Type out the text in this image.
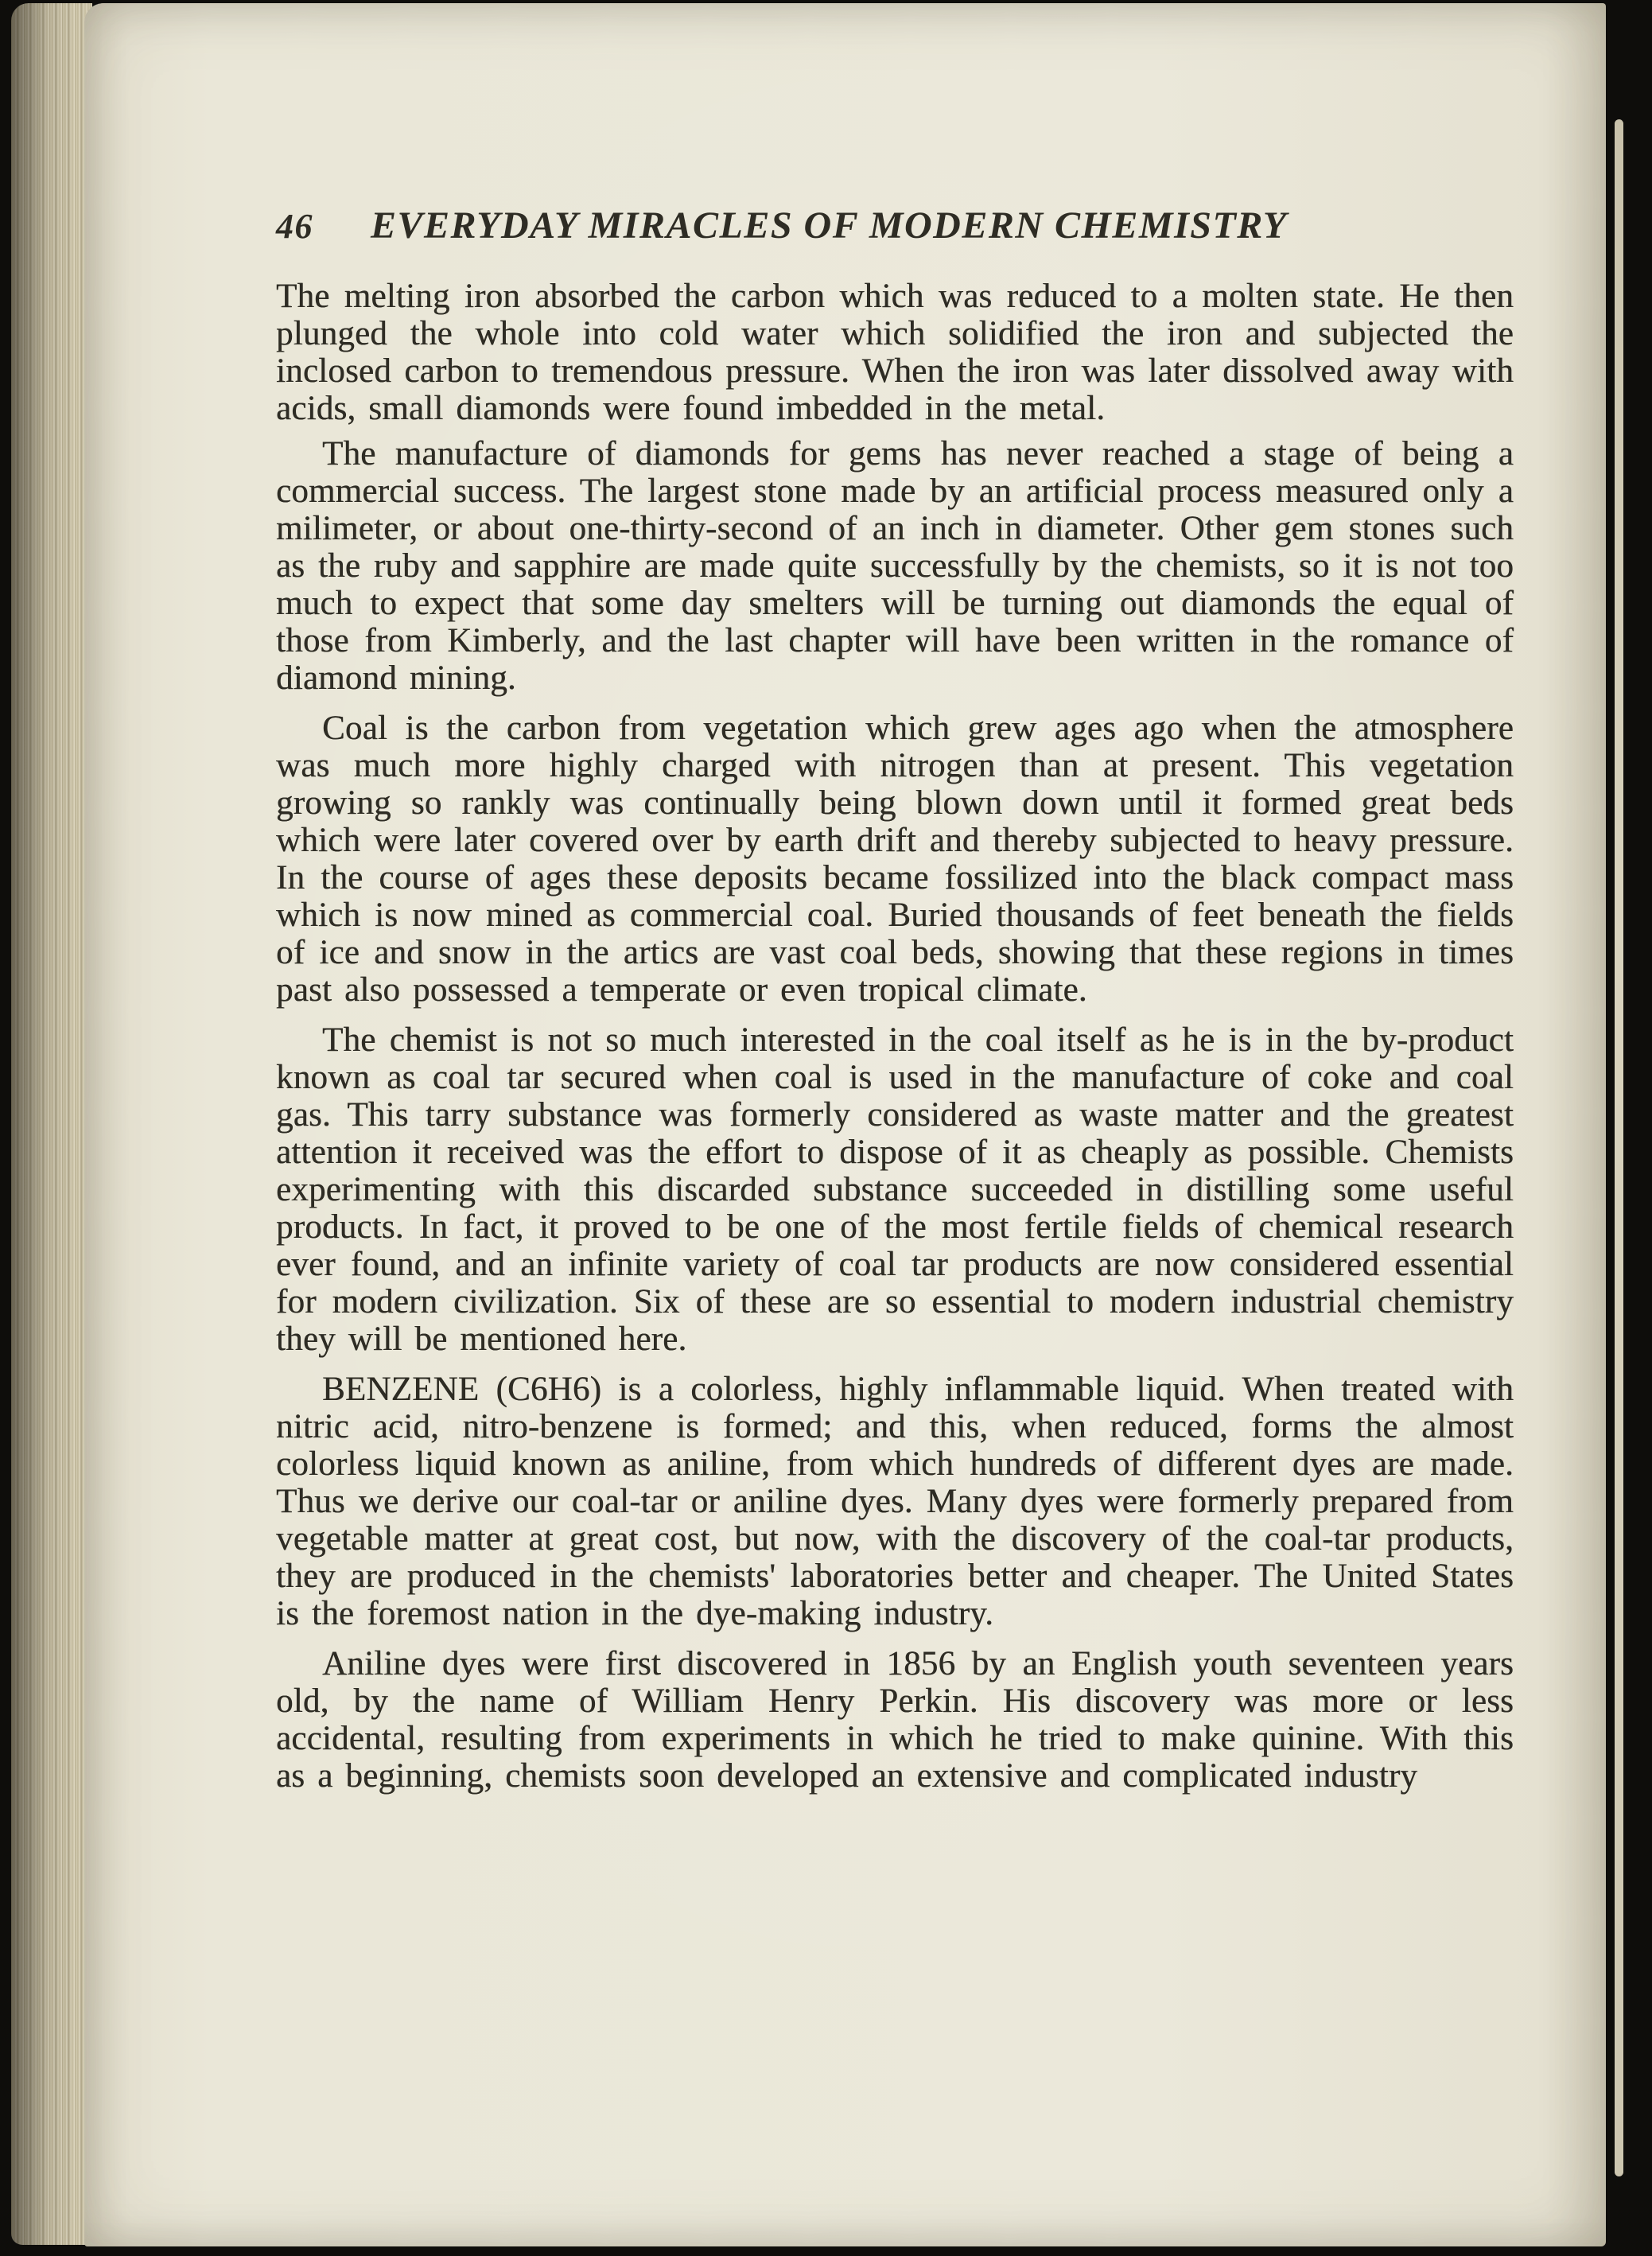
46 EVERYDAY MIRACLES OF MODERN CHEMISTRY

The melting iron absorbed the carbon which was reduced to a molten state. He then plunged the whole into cold water which solidified the iron and subjected the inclosed carbon to tremendous pressure. When the iron was later dissolved away with acids, small diamonds were found imbedded in the metal.

The manufacture of diamonds for gems has never reached a stage of being a commercial success. The largest stone made by an artificial process measured only a milimeter, or about one-thirty-second of an inch in diameter. Other gem stones such as the ruby and sapphire are made quite successfully by the chemists, so it is not too much to expect that some day smelters will be turning out diamonds the equal of those from Kimberly, and the last chapter will have been written in the romance of diamond mining.

Coal is the carbon from vegetation which grew ages ago when the atmosphere was much more highly charged with nitrogen than at present. This vegetation growing so rankly was continually being blown down until it formed great beds which were later covered over by earth drift and thereby subjected to heavy pressure. In the course of ages these deposits became fossilized into the black compact mass which is now mined as commercial coal. Buried thousands of feet beneath the fields of ice and snow in the artics are vast coal beds, showing that these regions in times past also possessed a temperate or even tropical climate.

The chemist is not so much interested in the coal itself as he is in the by-product known as coal tar secured when coal is used in the manufacture of coke and coal gas. This tarry substance was formerly considered as waste matter and the greatest attention it received was the effort to dispose of it as cheaply as possible. Chemists experimenting with this discarded substance succeeded in distilling some useful products. In fact, it proved to be one of the most fertile fields of chemical research ever found, and an infinite variety of coal tar products are now considered essential for modern civilization. Six of these are so essential to modern industrial chemistry they will be mentioned here.

BENZENE (C6H6) is a colorless, highly inflammable liquid. When treated with nitric acid, nitro-benzene is formed; and this, when reduced, forms the almost colorless liquid known as aniline, from which hundreds of different dyes are made. Thus we derive our coal-tar or aniline dyes. Many dyes were formerly prepared from vegetable matter at great cost, but now, with the discovery of the coal-tar products, they are produced in the chemists' laboratories better and cheaper. The United States is the foremost nation in the dye-making industry.

Aniline dyes were first discovered in 1856 by an English youth seventeen years old, by the name of William Henry Perkin. His discovery was more or less accidental, resulting from experiments in which he tried to make quinine. With this as a beginning, chemists soon developed an extensive and complicated industry
